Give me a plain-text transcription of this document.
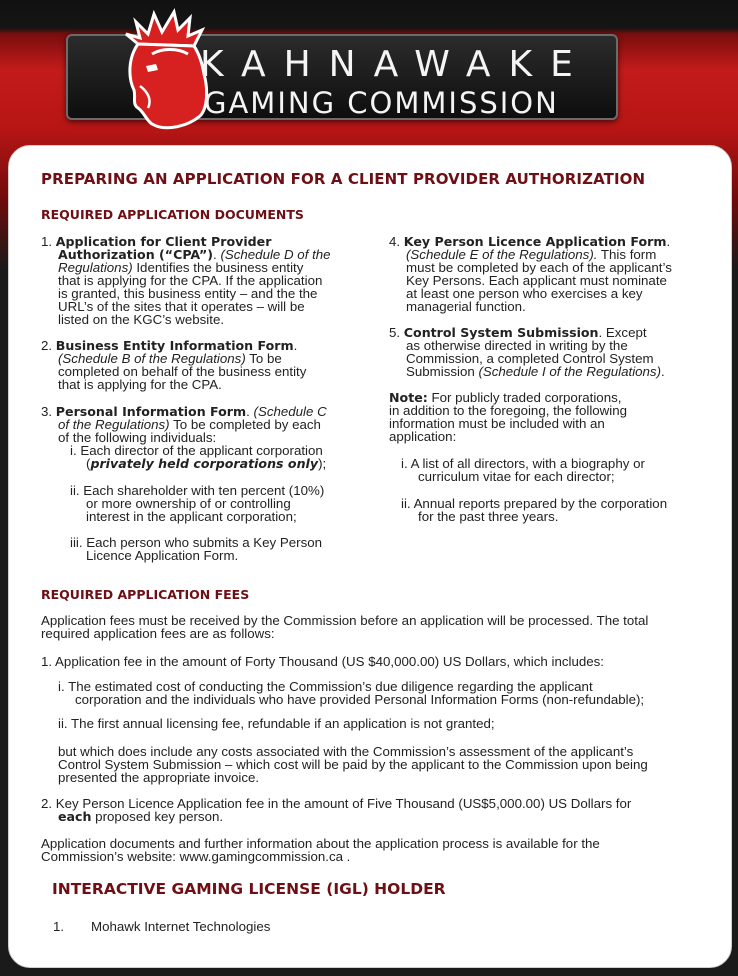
KAHNAWAKE
GAMING COMMISSION
PREPARING AN APPLICATION FOR A CLIENT PROVIDER AUTHORIZATION
REQUIRED APPLICATION DOCUMENTS
1. Application for Client Provider
Authorization (“CPA”). (Schedule D of the
Regulations) Identifies the business entity
that is applying for the CPA. If the application
is granted, this business entity – and the the
URL’s of the sites that it operates – will be
listed on the KGC’s website.
2. Business Entity Information Form.
(Schedule B of the Regulations) To be
completed on behalf of the business entity
that is applying for the CPA.
3. Personal Information Form. (Schedule C
of the Regulations) To be completed by each
of the following individuals:
i. Each director of the applicant corporation
(privately held corporations only);
ii. Each shareholder with ten percent (10%)
or more ownership of or controlling
interest in the applicant corporation;
iii. Each person who submits a Key Person
Licence Application Form.
4. Key Person Licence Application Form.
(Schedule E of the Regulations). This form
must be completed by each of the applicant’s
Key Persons. Each applicant must nominate
at least one person who exercises a key
managerial function.
5. Control System Submission. Except
as otherwise directed in writing by the
Commission, a completed Control System
Submission (Schedule I of the Regulations).
Note: For publicly traded corporations,
in addition to the foregoing, the following
information must be included with an
application:
i. A list of all directors, with a biography or
curriculum vitae for each director;
ii. Annual reports prepared by the corporation
for the past three years.
REQUIRED APPLICATION FEES
Application fees must be received by the Commission before an application will be processed. The total
required application fees are as follows:
1. Application fee in the amount of Forty Thousand (US $40,000.00) US Dollars, which includes:
i. The estimated cost of conducting the Commission’s due diligence regarding the applicant
corporation and the individuals who have provided Personal Information Forms (non-refundable);
ii. The first annual licensing fee, refundable if an application is not granted;
but which does include any costs associated with the Commission’s assessment of the applicant’s
Control System Submission – which cost will be paid by the applicant to the Commission upon being
presented the appropriate invoice.
2. Key Person Licence Application fee in the amount of Five Thousand (US$5,000.00) US Dollars for
each proposed key person.
Application documents and further information about the application process is available for the
Commission’s website: www.gamingcommission.ca .
INTERACTIVE GAMING LICENSE (IGL) HOLDER
1. Mohawk Internet Technologies
